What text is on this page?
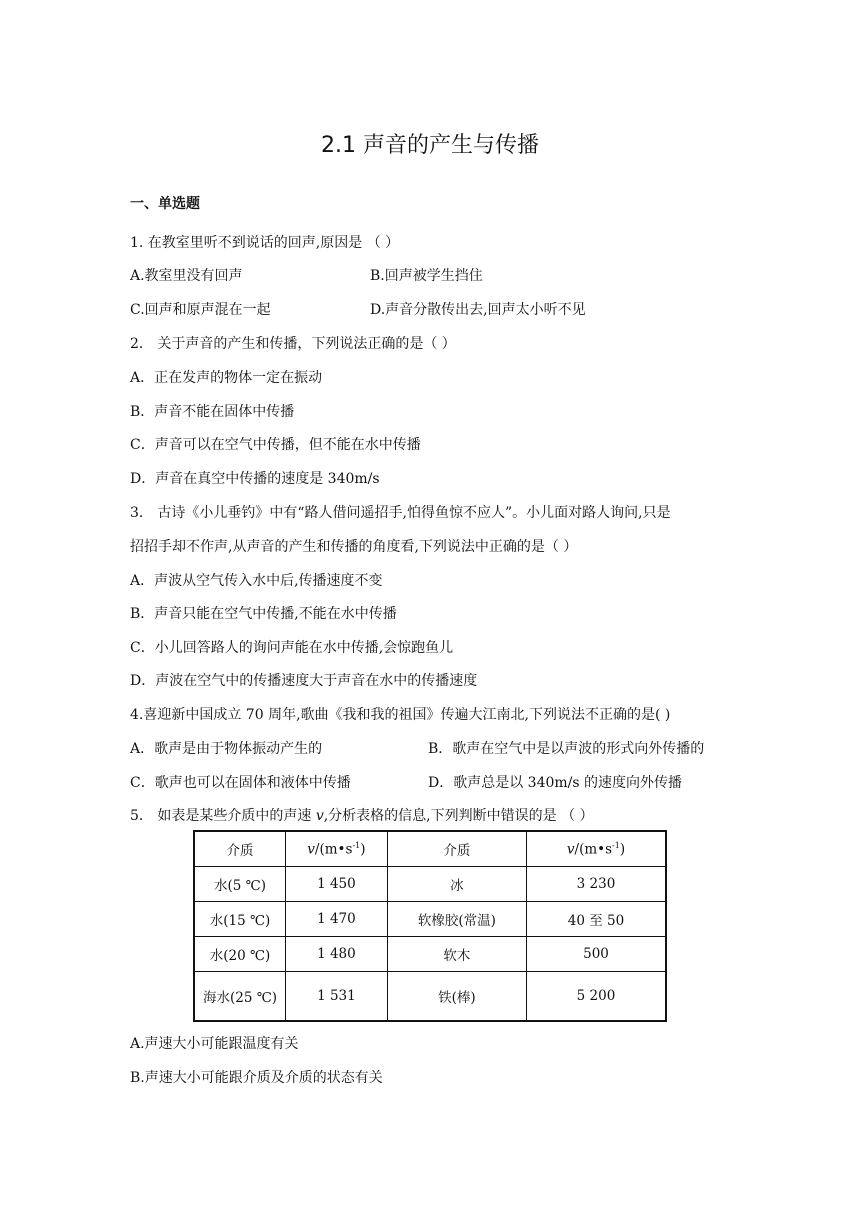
2.1 声音的产生与传播
一、单选题
1. 在教室里听不到说话的回声,原因是 （ ）
A.教室里没有回声	B.回声被学生挡住
C.回声和原声混在一起	D.声音分散传出去,回声太小听不见
2． 关于声音的产生和传播，下列说法正确的是（ ）
A．正在发声的物体一定在振动
B．声音不能在固体中传播
C．声音可以在空气中传播，但不能在水中传播
D．声音在真空中传播的速度是 340m/s
3． 古诗《小儿垂钓》中有“路人借问遥招手,怕得鱼惊不应人”。小儿面对路人询问,只是
招招手却不作声,从声音的产生和传播的角度看,下列说法中正确的是（ ）
A．声波从空气传入水中后,传播速度不变
B．声音只能在空气中传播,不能在水中传播
C．小儿回答路人的询问声能在水中传播,会惊跑鱼儿
D．声波在空气中的传播速度大于声音在水中的传播速度
4.喜迎新中国成立 70 周年,歌曲《我和我的祖国》传遍大江南北,下列说法不正确的是( )
A．歌声是由于物体振动产生的	B．歌声在空气中是以声波的形式向外传播的
C．歌声也可以在固体和液体中传播	D．歌声总是以 340m/s 的速度向外传播
5． 如表是某些介质中的声速 v,分析表格的信息,下列判断中错误的是 （ ）
介质	$v/(m•s^{-1})$	介质	$v/(m•s^{-1})$
水(5 ℃)	1 450	冰	3 230
水(15 ℃)	1 470	软橡胶(常温)	40 至 50
水(20 ℃)	1 480	软木	500
海水(25 ℃)	1 531	铁(棒)	5 200
A.声速大小可能跟温度有关
B.声速大小可能跟介质及介质的状态有关
